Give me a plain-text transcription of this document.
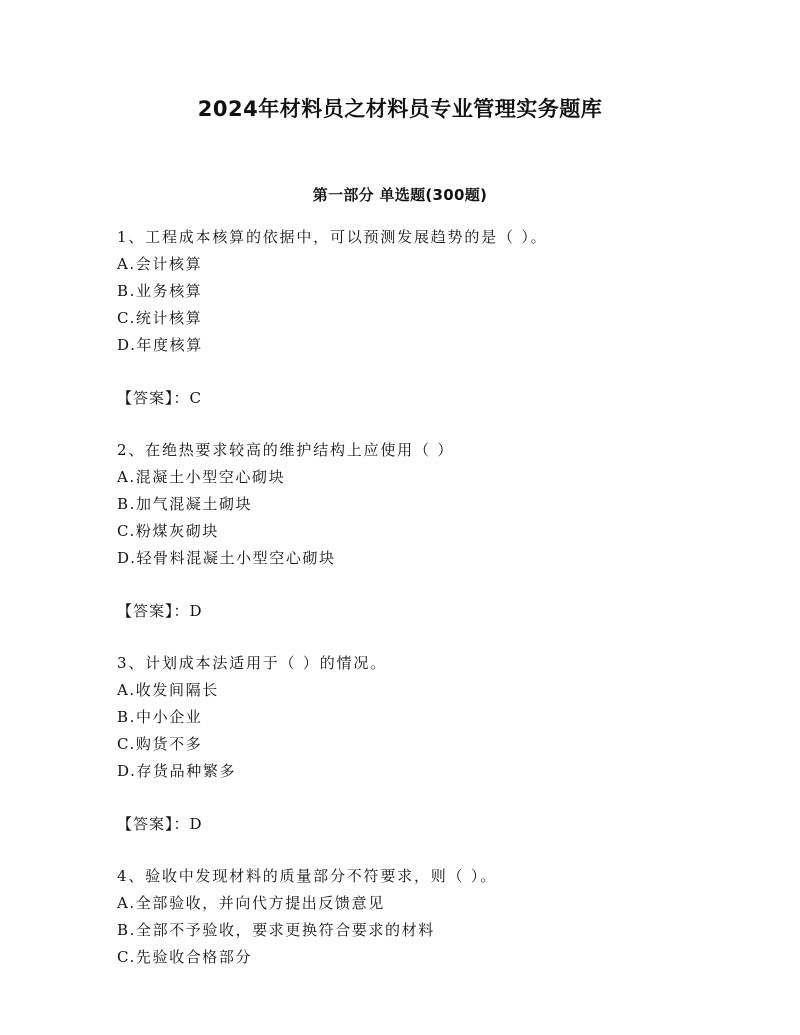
2024年材料员之材料员专业管理实务题库
第一部分 单选题(300题)
1、工程成本核算的依据中，可以预测发展趋势的是（ ）。
A.会计核算
B.业务核算
C.统计核算
D.年度核算
【答案】：C
2、在绝热要求较高的维护结构上应使用（ ）
A.混凝土小型空心砌块
B.加气混凝土砌块
C.粉煤灰砌块
D.轻骨料混凝土小型空心砌块
【答案】：D
3、计划成本法适用于（ ）的情况。
A.收发间隔长
B.中小企业
C.购货不多
D.存货品种繁多
【答案】：D
4、验收中发现材料的质量部分不符要求，则（ ）。
A.全部验收，并向代方提出反馈意见
B.全部不予验收，要求更换符合要求的材料
C.先验收合格部分
